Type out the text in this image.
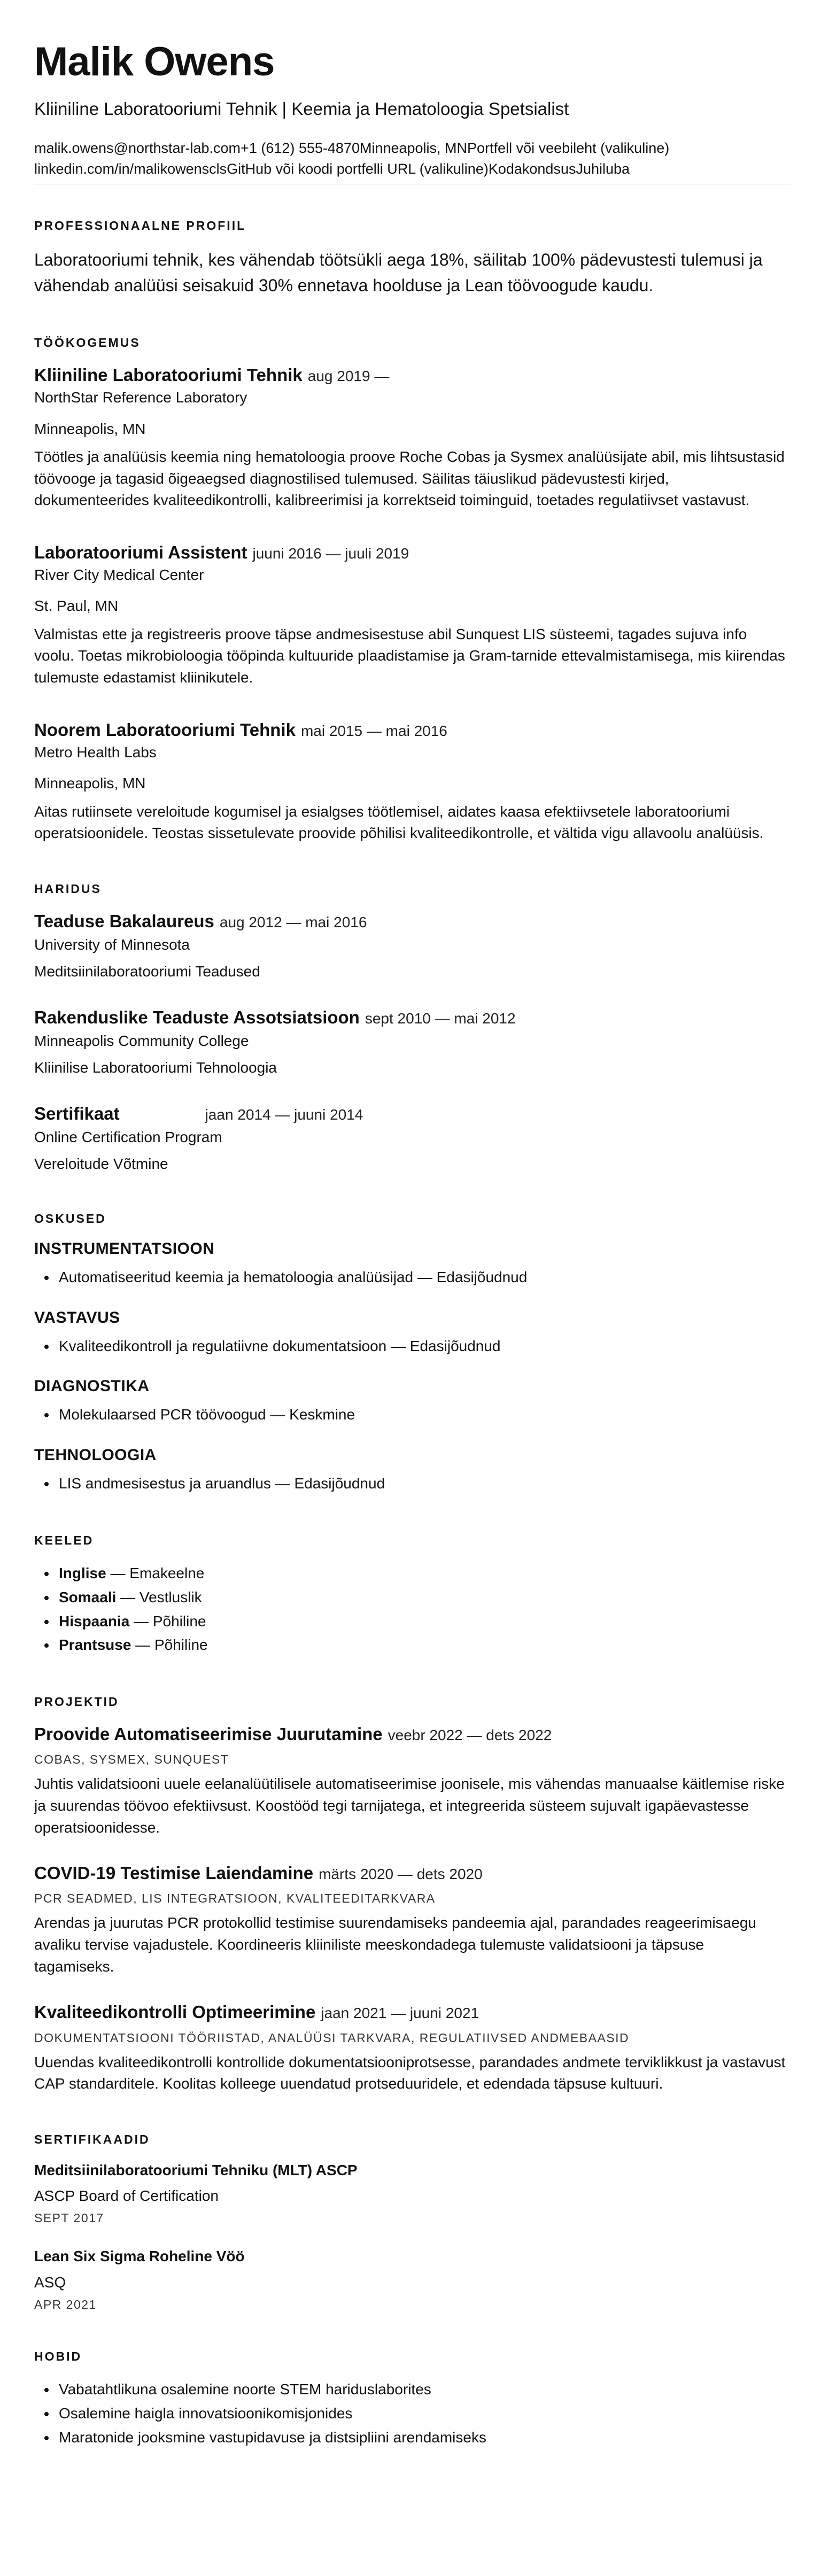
Malik Owens
Kliiniline Laboratooriumi Tehnik | Keemia ja Hematoloogia Spetsialist
malik.owens@northstar-lab.com+1 (612) 555-4870Minneapolis, MNPortfell või veebileht (valikuline)
linkedin.com/in/malikowensclsGitHub või koodi portfelli URL (valikuline)KodakondsusJuhiluba
PROFESSIONAALNE PROFIIL

Laboratooriumi tehnik, kes vähendab töötsükli aega 18%, säilitab 100% pädevustesti tulemusi ja vähendab analüüsi seisakuid 30% ennetava hoolduse ja Lean töövoogude kaudu.

TÖÖKOGEMUS
Kliiniline Laboratooriumi Tehnik aug 2019 —
NorthStar Reference Laboratory
Minneapolis, MN
Töötles ja analüüsis keemia ning hematoloogia proove Roche Cobas ja Sysmex analüüsijate abil, mis lihtsustasid töövooge ja tagasid õigeaegsed diagnostilised tulemused. Säilitas täiuslikud pädevustesti kirjed, dokumenteerides kvaliteedikontrolli, kalibreerimisi ja korrektseid toiminguid, toetades regulatiivset vastavust.
Laboratooriumi Assistent juuni 2016 — juuli 2019
River City Medical Center
St. Paul, MN
Valmistas ette ja registreeris proove täpse andmesisestuse abil Sunquest LIS süsteemi, tagades sujuva info voolu. Toetas mikrobioloogia tööpinda kultuuride plaadistamise ja Gram-tarnide ettevalmistamisega, mis kiirendas tulemuste edastamist kliinikutele.
Noorem Laboratooriumi Tehnik mai 2015 — mai 2016
Metro Health Labs
Minneapolis, MN
Aitas rutiinsete vereloitude kogumisel ja esialgses töötlemisel, aidates kaasa efektiivsetele laboratooriumi operatsioonidele. Teostas sissetulevate proovide põhilisi kvaliteedikontrolle, et vältida vigu allavoolu analüüsis.
HARIDUS
Teaduse Bakalaureus aug 2012 — mai 2016
University of Minnesota
Meditsiinilaboratooriumi Teadused
Rakenduslike Teaduste Assotsiatsioon sept 2010 — mai 2012
Minneapolis Community College
Kliinilise Laboratooriumi Tehnoloogia
Sertifikaat	jaan 2014 — juuni 2014
Online Certification Program
Vereloitude Võtmine
OSKUSED
INSTRUMENTATSIOON
• Automatiseeritud keemia ja hematoloogia analüüsijad — Edasijõudnud
VASTAVUS
• Kvaliteedikontroll ja regulatiivne dokumentatsioon — Edasijõudnud
DIAGNOSTIKA
• Molekulaarsed PCR töövoogud — Keskmine
TEHNOLOOGIA
• LIS andmesisestus ja aruandlus — Edasijõudnud
KEELED
• Inglise — Emakeelne
• Somaali — Vestluslik
• Hispaania — Põhiline
• Prantsuse — Põhiline
PROJEKTID
Proovide Automatiseerimise Juurutamine veebr 2022 — dets 2022
COBAS, SYSMEX, SUNQUEST
Juhtis validatsiooni uuele eelanalüütilisele automatiseerimise joonisele, mis vähendas manuaalse käitlemise riske ja suurendas töövoo efektiivsust. Koostööd tegi tarnijatega, et integreerida süsteem sujuvalt igapäevastesse operatsioonidesse.
COVID-19 Testimise Laiendamine märts 2020 — dets 2020
PCR SEADMED, LIS INTEGRATSIOON, KVALITEEDITARKVARA
Arendas ja juurutas PCR protokollid testimise suurendamiseks pandeemia ajal, parandades reageerimisaegu avaliku tervise vajadustele. Koordineeris kliiniliste meeskondadega tulemuste validatsiooni ja täpsuse tagamiseks.
Kvaliteedikontrolli Optimeerimine jaan 2021 — juuni 2021
DOKUMENTATSIOONI TÖÖRIISTAD, ANALÜÜSI TARKVARA, REGULATIIVSED ANDMEBAASID
Uuendas kvaliteedikontrolli kontrollide dokumentatsiooniprotsesse, parandades andmete terviklikkust ja vastavust CAP standarditele. Koolitas kolleege uuendatud protseduuridele, et edendada täpsuse kultuuri.
SERTIFIKAADID
Meditsiinilaboratooriumi Tehniku (MLT) ASCP
ASCP Board of Certification
SEPT 2017
Lean Six Sigma Roheline Vöö
ASQ
APR 2021
HOBID
• Vabatahtlikuna osalemine noorte STEM hariduslaborites
• Osalemine haigla innovatsioonikomisjonides
• Maratonide jooksmine vastupidavuse ja distsipliini arendamiseks
